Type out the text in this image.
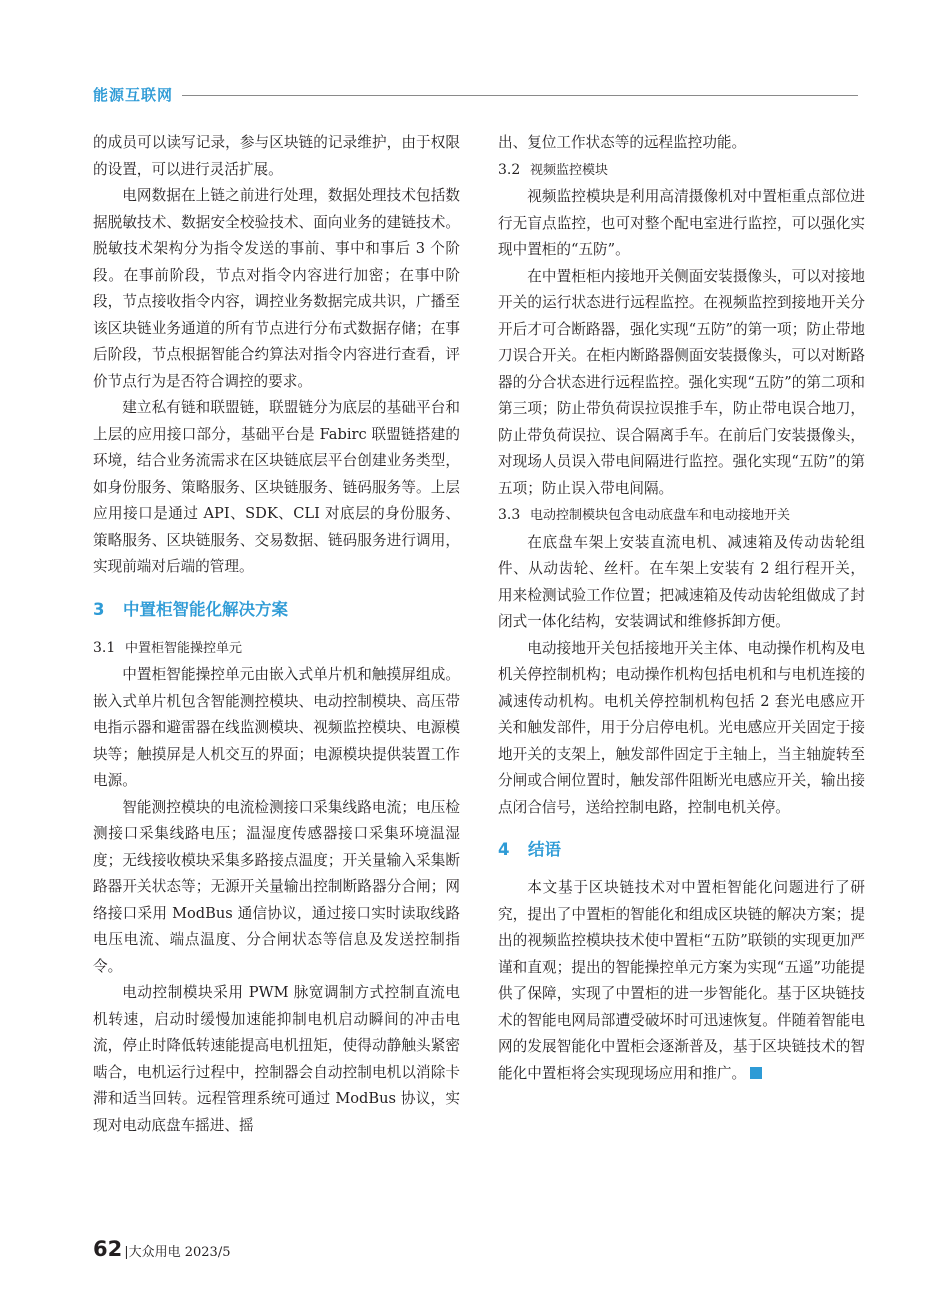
能源互联网

的成员可以读写记录，参与区块链的记录维护，由于权限的设置，可以进行灵活扩展。

电网数据在上链之前进行处理，数据处理技术包括数据脱敏技术、数据安全校验技术、面向业务的建链技术。脱敏技术架构分为指令发送的事前、事中和事后 3 个阶段。在事前阶段，节点对指令内容进行加密；在事中阶段，节点接收指令内容，调控业务数据完成共识，广播至该区块链业务通道的所有节点进行分布式数据存储；在事后阶段，节点根据智能合约算法对指令内容进行查看，评价节点行为是否符合调控的要求。

建立私有链和联盟链，联盟链分为底层的基础平台和上层的应用接口部分，基础平台是 Fabirc 联盟链搭建的环境，结合业务流需求在区块链底层平台创建业务类型，如身份服务、策略服务、区块链服务、链码服务等。上层应用接口是通过 API、SDK、CLI 对底层的身份服务、策略服务、区块链服务、交易数据、链码服务进行调用，实现前端对后端的管理。

3 中置柜智能化解决方案
3.1 中置柜智能操控单元

中置柜智能操控单元由嵌入式单片机和触摸屏组成。嵌入式单片机包含智能测控模块、电动控制模块、高压带电指示器和避雷器在线监测模块、视频监控模块、电源模块等；触摸屏是人机交互的界面；电源模块提供装置工作电源。

智能测控模块的电流检测接口采集线路电流；电压检测接口采集线路电压；温湿度传感器接口采集环境温湿度；无线接收模块采集多路接点温度；开关量输入采集断路器开关状态等；无源开关量输出控制断路器分合闸；网络接口采用 ModBus 通信协议，通过接口实时读取线路电压电流、端点温度、分合闸状态等信息及发送控制指令。

电动控制模块采用 PWM 脉宽调制方式控制直流电机转速，启动时缓慢加速能抑制电机启动瞬间的冲击电流，停止时降低转速能提高电机扭矩，使得动静触头紧密啮合，电机运行过程中，控制器会自动控制电机以消除卡滞和适当回转。远程管理系统可通过 ModBus 协议，实现对电动底盘车摇进、摇

出、复位工作状态等的远程监控功能。

3.2 视频监控模块

视频监控模块是利用高清摄像机对中置柜重点部位进行无盲点监控，也可对整个配电室进行监控，可以强化实现中置柜的“五防”。

在中置柜柜内接地开关侧面安装摄像头，可以对接地开关的运行状态进行远程监控。在视频监控到接地开关分开后才可合断路器，强化实现“五防”的第一项；防止带地刀误合开关。在柜内断路器侧面安装摄像头，可以对断路器的分合状态进行远程监控。强化实现“五防”的第二项和第三项；防止带负荷误拉误推手车，防止带电误合地刀，防止带负荷误拉、误合隔离手车。在前后门安装摄像头，对现场人员误入带电间隔进行监控。强化实现“五防”的第五项；防止误入带电间隔。

3.3 电动控制模块包含电动底盘车和电动接地开关

在底盘车架上安装直流电机、减速箱及传动齿轮组件、从动齿轮、丝杆。在车架上安装有 2 组行程开关，用来检测试验工作位置；把减速箱及传动齿轮组做成了封闭式一体化结构，安装调试和维修拆卸方便。

电动接地开关包括接地开关主体、电动操作机构及电机关停控制机构；电动操作机构包括电机和与电机连接的减速传动机构。电机关停控制机构包括 2 套光电感应开关和触发部件，用于分启停电机。光电感应开关固定于接地开关的支架上，触发部件固定于主轴上，当主轴旋转至分闸或合闸位置时，触发部件阻断光电感应开关，输出接点闭合信号，送给控制电路，控制电机关停。

4 结语

本文基于区块链技术对中置柜智能化问题进行了研究，提出了中置柜的智能化和组成区块链的解决方案；提出的视频监控模块技术使中置柜“五防”联锁的实现更加严谨和直观；提出的智能操控单元方案为实现“五遥”功能提供了保障，实现了中置柜的进一步智能化。基于区块链技术的智能电网局部遭受破坏时可迅速恢复。伴随着智能电网的发展智能化中置柜会逐渐普及，基于区块链技术的智能化中置柜将会实现现场应用和推广。

62 |大众用电 2023/5
